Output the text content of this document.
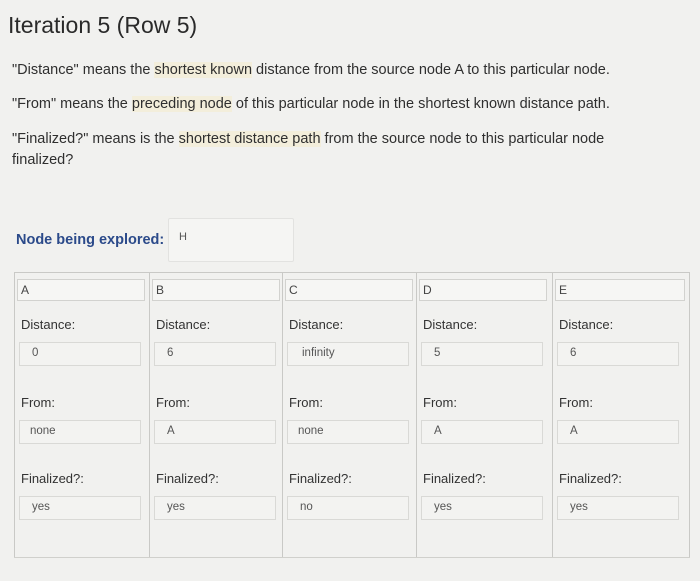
Iteration 5 (Row 5)
"Distance" means the shortest known distance from the source node A to this particular node.
"From" means the preceding node of this particular node in the shortest known distance path.
"Finalized?" means is the shortest distance path from the source node to this particular node
finalized?
Node being explored:	H
A
Distance:
0
From:
none
Finalized?:
yes
B
Distance:
6
From:
A
Finalized?:
yes
C
Distance:
infinity
From:
none
Finalized?:
no
D
Distance:
5
From:
A
Finalized?:
yes
E
Distance:
6
From:
A
Finalized?:
yes
